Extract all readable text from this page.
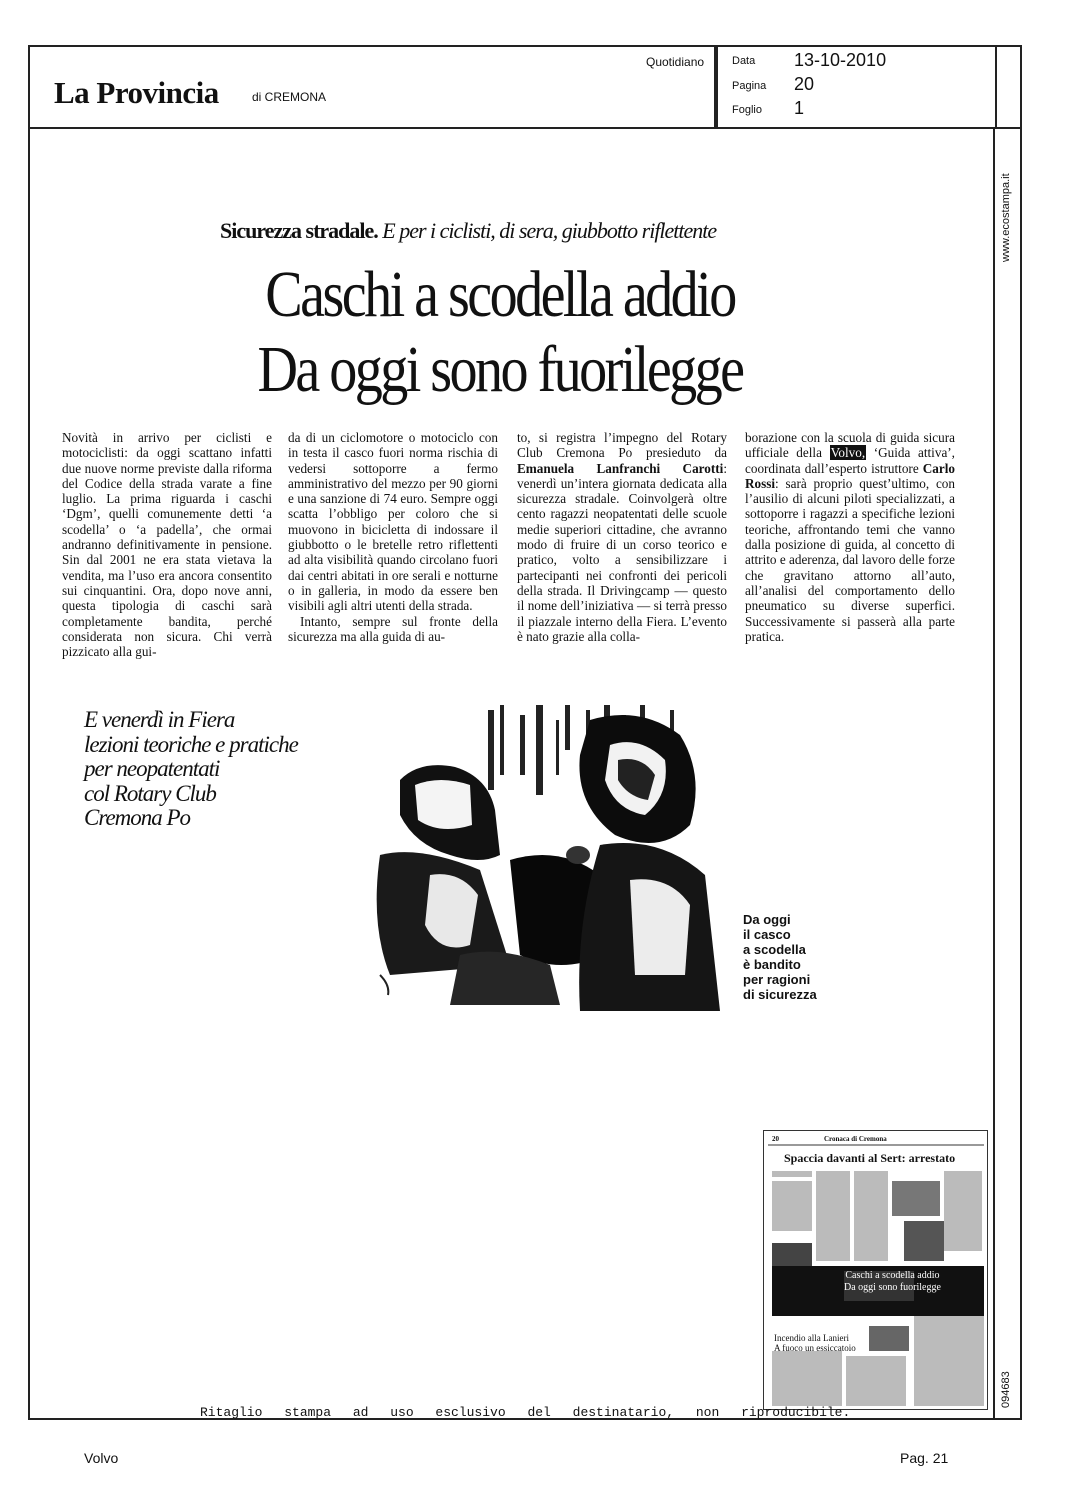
La Provincia	di CREMONA
Quotidiano	Data 13-10-2010
Pagina 20
Foglio 1
www.ecostampa.it
094683
Sicurezza stradale. E per i ciclisti, di sera, giubbotto riflettente
Caschi a scodella addio
Da oggi sono fuorilegge
Novità in arrivo per ciclisti e motociclisti: da oggi scattano infatti due nuove norme previste dalla riforma del Codice della strada varate a fine luglio. La prima riguarda i caschi ‘Dgm’, quelli comunemente detti ‘a scodella’ o ‘a padella’, che ormai andranno definitivamente in pensione. Sin dal 2001 ne era stata vietava la vendita, ma l’uso era ancora consentito sui cinquantini. Ora, dopo nove anni, questa tipologia di caschi sarà completamente bandita, perché considerata non sicura. Chi verrà pizzicato alla gui-
da di un ciclomotore o motociclo con in testa il casco fuori norma rischia di vedersi sottoporre a fermo amministrativo del mezzo per 90 giorni e una sanzione di 74 euro. Sempre oggi scatta l’obbligo per coloro che si muovono in bicicletta di indossare il giubbotto o le bretelle retro riflettenti ad alta visibilità quando circolano fuori dai centri abitati in ore serali e notturne o in galleria, in modo da essere ben visibili agli altri utenti della strada.
Intanto, sempre sul fronte della sicurezza ma alla guida di au-
to, si registra l’impegno del Rotary Club Cremona Po presieduto da Emanuela Lanfranchi Carotti: venerdì un’intera giornata dedicata alla sicurezza stradale. Coinvolgerà oltre cento ragazzi neopatentati delle scuole medie superiori cittadine, che avranno modo di fruire di un corso teorico e pratico, volto a sensibilizzare i partecipanti nei confronti dei pericoli della strada. Il Drivingcamp — questo il nome dell’iniziativa — si terrà presso il piazzale interno della Fiera. L’evento è nato grazie alla colla-
borazione con la scuola di guida sicura ufficiale della Volvo, ‘Guida attiva’, coordinata dall’esperto istruttore Carlo Rossi: sarà proprio quest’ultimo, con l’ausilio di alcuni piloti specializzati, a sottoporre i ragazzi a specifiche lezioni teoriche, affrontando temi che vanno dalla posizione di guida, al concetto di attrito e aderenza, dal lavoro delle forze che gravitano attorno all’auto, all’analisi del comportamento dello pneumatico su diverse superfici. Successivamente si passerà alla parte pratica.
E venerdì in Fiera
lezioni teoriche e pratiche
per neopatentati
col Rotary Club
Cremona Po
Da oggi
il casco
a scodella
è bandito
per ragioni
di sicurezza
20	Cronaca di Cremona
Spaccia davanti al Sert: arrestato
Caschi a scodella addio
Da oggi sono fuorilegge
Incendio alla Lanieri
A fuoco un essiccatoio
Ritaglio stampa ad uso esclusivo del destinatario, non riproducibile.
Volvo	Pag. 21
